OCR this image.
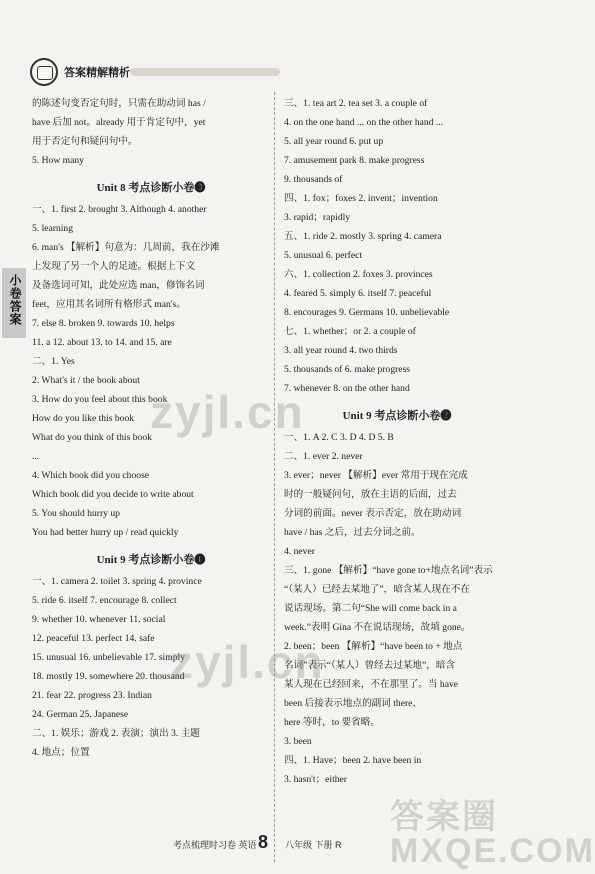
答案精解精析
小卷答案
的陈述句变否定句时，只需在助动词 has /
have 后加 not。already 用于肯定句中，yet
用于否定句和疑问句中。
5. How many
Unit 8 考点诊断小卷❸
一、1. first 2. brought 3. Although 4. another
5. learning
6. man's 【解析】句意为：几周前，我在沙滩
上发现了另一个人的足迹。根据上下文
及备选词可知，此处应选 man，修饰名词
feet，应用其名词所有格形式 man's。
7. else 8. broken 9. towards 10. helps
11. a 12. about 13. to 14. and 15. are
二、1. Yes
2. What's it / the book about
3. How do you feel about this book
How do you like this book
What do you think of this book
...
4. Which book did you choose
Which book did you decide to write about
5. You should hurry up
You had better hurry up / read quickly
Unit 9 考点诊断小卷❶
一、1. camera 2. toilet 3. spring 4. province
5. ride 6. itself 7. encourage 8. collect
9. whether 10. whenever 11. social
12. peaceful 13. perfect 14. safe
15. unusual 16. unbelievable 17. simply
18. mostly 19. somewhere 20. thousand
21. fear 22. progress 23. Indian
24. German 25. Japanese
二、1. 娱乐；游戏 2. 表演；演出 3. 主题
4. 地点；位置
三、1. tea art 2. tea set 3. a couple of
4. on the one hand ... on the other hand ...
5. all year round 6. put up
7. amusement park 8. make progress
9. thousands of
四、1. fox；foxes 2. invent；invention
3. rapid；rapidly
五、1. ride 2. mostly 3. spring 4. camera
5. unusual 6. perfect
六、1. collection 2. foxes 3. provinces
4. feared 5. simply 6. itself 7. peaceful
8. encourages 9. Germans 10. unbelievable
七、1. whether；or 2. a couple of
3. all year round 4. two thirds
5. thousands of 6. make progress
7. whenever 8. on the other hand
Unit 9 考点诊断小卷❷
一、1. A 2. C 3. D 4. D 5. B
二、1. ever 2. never
3. ever；never 【解析】ever 常用于现在完成
时的一般疑问句，放在主语的后面，过去
分词的前面。never 表示否定，放在助动词
have / has 之后，过去分词之前。
4. never
三、1. gone 【解析】“have gone to+地点名词”表示
“（某人）已经去某地了”，暗含某人现在不在
说话现场。第二句“She will come back in a
week.”表明 Gina 不在说话现场，故填 gone。
2. been；been 【解析】“have been to + 地点
名词”表示“（某人）曾经去过某地”，暗含
某人现在已经回来，不在那里了。当 have
been 后接表示地点的副词 there、
here 等时，to 要省略。
3. been
四、1. Have；been 2. have been in
3. hasn't；either
考点梳理时习卷 英语 8 八年级 下册 R
zyjl.cn
zyjl.cn
答案圈 MXQE.COM
